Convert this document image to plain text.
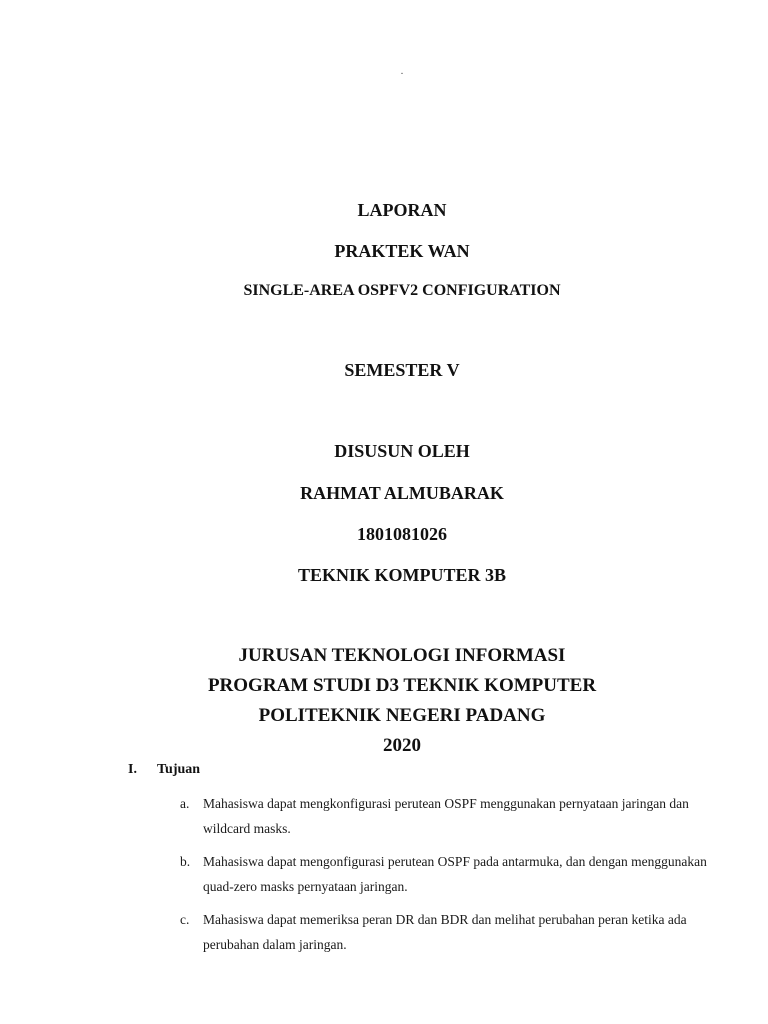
.
LAPORAN
PRAKTEK WAN
SINGLE-AREA OSPFV2 CONFIGURATION
SEMESTER V
DISUSUN OLEH
RAHMAT ALMUBARAK
1801081026
TEKNIK KOMPUTER 3B
JURUSAN TEKNOLOGI INFORMASI
PROGRAM STUDI D3 TEKNIK KOMPUTER
POLITEKNIK NEGERI PADANG
2020
I. Tujuan
a.	Mahasiswa dapat mengkonfigurasi perutean OSPF menggunakan pernyataan jaringan dan wildcard masks.
b. Mahasiswa dapat mengonfigurasi perutean OSPF pada antarmuka, dan dengan menggunakan quad-zero masks pernyataan jaringan.
c.	Mahasiswa dapat memeriksa peran DR dan BDR dan melihat perubahan peran ketika ada perubahan dalam jaringan.
